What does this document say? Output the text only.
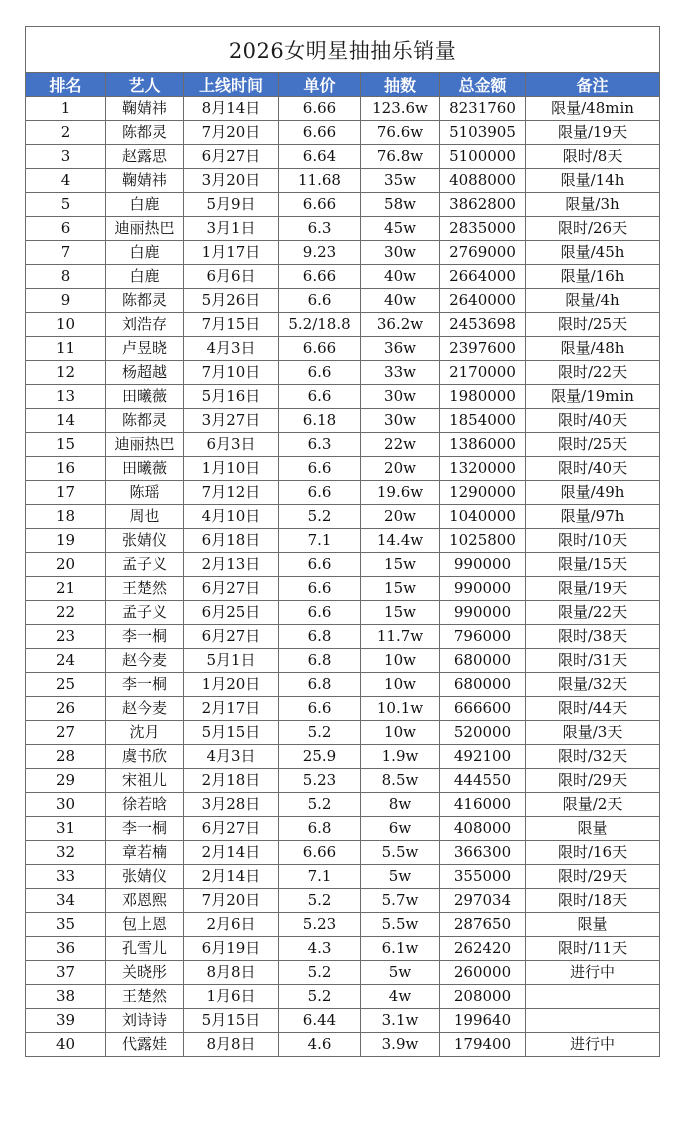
2026女明星抽抽乐销量						
排名	艺人	上线时间	单价	抽数	总金额	备注
1	鞠婧祎	8月14日	6.66	123.6w	8231760	限量/48min
2	陈都灵	7月20日	6.66	76.6w	5103905	限量/19天
3	赵露思	6月27日	6.64	76.8w	5100000	限时/8天
4	鞠婧祎	3月20日	11.68	35w	4088000	限量/14h
5	白鹿	5月9日	6.66	58w	3862800	限量/3h
6	迪丽热巴	3月1日	6.3	45w	2835000	限时/26天
7	白鹿	1月17日	9.23	30w	2769000	限量/45h
8	白鹿	6月6日	6.66	40w	2664000	限量/16h
9	陈都灵	5月26日	6.6	40w	2640000	限量/4h
10	刘浩存	7月15日	5.2/18.8	36.2w	2453698	限时/25天
11	卢昱晓	4月3日	6.66	36w	2397600	限量/48h
12	杨超越	7月10日	6.6	33w	2170000	限时/22天
13	田曦薇	5月16日	6.6	30w	1980000	限量/19min
14	陈都灵	3月27日	6.18	30w	1854000	限时/40天
15	迪丽热巴	6月3日	6.3	22w	1386000	限时/25天
16	田曦薇	1月10日	6.6	20w	1320000	限时/40天
17	陈瑶	7月12日	6.6	19.6w	1290000	限量/49h
18	周也	4月10日	5.2	20w	1040000	限量/97h
19	张婧仪	6月18日	7.1	14.4w	1025800	限时/10天
20	孟子义	2月13日	6.6	15w	990000	限量/15天
21	王楚然	6月27日	6.6	15w	990000	限量/19天
22	孟子义	6月25日	6.6	15w	990000	限量/22天
23	李一桐	6月27日	6.8	11.7w	796000	限时/38天
24	赵今麦	5月1日	6.8	10w	680000	限时/31天
25	李一桐	1月20日	6.8	10w	680000	限量/32天
26	赵今麦	2月17日	6.6	10.1w	666600	限时/44天
27	沈月	5月15日	5.2	10w	520000	限量/3天
28	虞书欣	4月3日	25.9	1.9w	492100	限时/32天
29	宋祖儿	2月18日	5.23	8.5w	444550	限时/29天
30	徐若晗	3月28日	5.2	8w	416000	限量/2天
31	李一桐	6月27日	6.8	6w	408000	限量
32	章若楠	2月14日	6.66	5.5w	366300	限时/16天
33	张婧仪	2月14日	7.1	5w	355000	限时/29天
34	邓恩熙	7月20日	5.2	5.7w	297034	限时/18天
35	包上恩	2月6日	5.23	5.5w	287650	限量
36	孔雪儿	6月19日	4.3	6.1w	262420	限时/11天
37	关晓彤	8月8日	5.2	5w	260000	进行中
38	王楚然	1月6日	5.2	4w	208000	
39	刘诗诗	5月15日	6.44	3.1w	199640	
40	代露娃	8月8日	4.6	3.9w	179400	进行中
